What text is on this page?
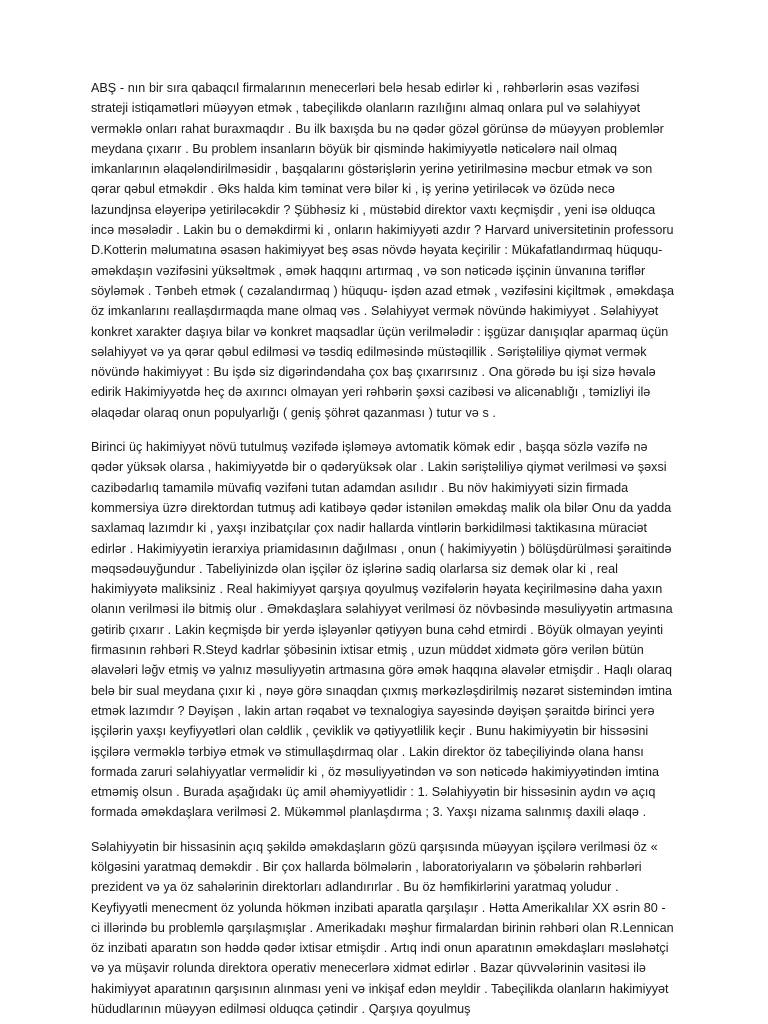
ABŞ - nın bir sıra qabaqcıl firmalarının menecerləri belə hesab edirlər ki , rəhbərlərin əsas vəzifəsi strateji istiqamətləri müəyyən etmək , tabeçilikdə olanların razılığını almaq onlara pul və səlahiyyət verməklə onları rahat buraxmaqdır . Bu ilk baxışda bu nə qədər gözəl görünsə də müəyyən problemlər meydana çıxarır . Bu problem insanların böyük bir qismində hakimiyyətlə nəticələrə nail olmaq imkanlarının əlaqələndirilməsidir , başqalarını göstərişlərin yerinə yetirilməsinə məcbur etmək və son qərar qəbul etməkdir . Əks halda kim təminat verə bilər ki , iş yerinə yetiriləcək və özüdə necə lazundjnsa eləyeripə yetiriləcəkdir ? Şübhəsiz ki , müstəbid direktor vaxtı keçmişdir , yeni isə olduqca incə məsələdir . Lakin bu o deməkdirmi ki , onların hakimiyyəti azdır ? Harvard universitetinin professoru D.Kotterin məlumatına əsasən hakimiyyət beş əsas növdə həyata keçirilir : Mükafatlandırmaq hüququ- əməkdaşın vəzifəsini yüksəltmək , əmək haqqını artırmaq , və son nəticədə işçinin ünvanına təriflər söyləmək . Tənbeh etmək ( cəzalandırmaq ) hüququ- işdən azad etmək , vəzifəsini kiçiltmək , əməkdaşa öz imkanlarını reallaşdırmaqda mane olmaq vəs . Səlahiyyət vermək növündə hakimiyyət . Səlahiyyət konkret xarakter daşıya bilar və konkret maqsadlar üçün verilmələdir : işgüzar danışıqlar aparmaq üçün səlahiyyət və ya qərar qəbul edilməsi və təsdiq edilməsində müstəqillik . Səriştəliliyə qiymət vermək növündə hakimiyyət : Bu işdə siz digərindəndaha çox baş çıxarırsınız . Ona görədə bu işi sizə həvalə edirik Hakimiyyətdə heç də axırıncı olmayan yeri rəhbərin şəxsi cazibəsi və alicənablığı , təmizliyi ilə əlaqədar olaraq onun populyarlığı ( geniş şöhrət qazanması ) tutur və s .

Birinci üç hakimiyyət növü tutulmuş vəzifədə işləməyə avtomatik kömək edir , başqa sözlə vəzifə nə qədər yüksək olarsa , hakimiyyətdə bir o qədəryüksək olar . Lakin səriştəliliyə qiymət verilməsi və şəxsi cazibədarlıq tamamilə müvafiq vəzifəni tutan adamdan asılıdır . Bu növ hakimiyyəti sizin firmada kommersiya üzrə direktordan tutmuş adi katibəyə qədər istənilən əməkdaş malik ola bilər Onu da yadda saxlamaq lazımdır ki , yaxşı inzibatçılar çox nadir hallarda vintlərin bərkidilməsi taktikasına müraciət edirlər . Hakimiyyətin ierarxiya priamidasının dağılması , onun ( hakimiyyətin ) bölüşdürülməsi şəraitində məqsədəuyğundur . Tabeliyinizdə olan işçilər öz işlərinə sadiq olarlarsa siz demək olar ki , real hakimiyyətə maliksiniz . Real hakimiyyət qarşıya qoyulmuş vəzifələrin həyata keçirilməsinə daha yaxın olanın verilməsi ilə bitmiş olur . Əməkdaşlara səlahiyyət verilməsi öz növbəsində məsuliyyətin artmasına gətirib çıxarır . Lakin keçmişdə bir yerdə işləyənlər qətiyyən buna cəhd etmirdi . Böyük olmayan yeyinti firmasının rəhbəri R.Steyd kadrlar şöbəsinin ixtisar etmiş , uzun müddət xidmətə görə verilən bütün əlavələri ləğv etmiş və yalnız məsuliyyətin artmasına görə əmək haqqına əlavələr etmişdir . Haqlı olaraq belə bir sual meydana çıxır ki , nəyə görə sınaqdan çıxmış mərkəzləşdirilmiş nəzarət sistemindən imtina etmək lazımdır ? Dəyişən , lakin artan rəqabət və texnalogiya sayəsində dəyişən şəraitdə birinci yerə işçilərin yaxşı keyfiyyətləri olan cəldlik , çeviklik və qətiyyətlilik keçir . Bunu hakimiyyətin bir hissəsini işçilərə verməklə tərbiyə etmək və stimullaşdırmaq olar . Lakin direktor öz tabeçiliyində olana hansı formada zaruri səlahiyyatlar verməlidir ki , öz məsuliyyətindən və son nəticədə hakimiyyətindən imtina etməmiş olsun . Burada aşağıdakı üç amil əhəmiyyətlidir : 1. Səlahiyyətin bir hissəsinin aydın və açıq formada əməkdaşlara verilməsi 2. Mükəmməl planlaşdırma ; 3. Yaxşı nizama salınmış daxili əlaqə .

Səlahiyyətin bir hissasinin açıq şəkildə əməkdaşların gözü qarşısında müəyyan işçilərə verilməsi öz « kölgəsini yaratmaq deməkdir . Bir çox hallarda bölmələrin , laboratoriyaların və şöbələrin rəhbərləri prezident və ya öz sahələrinin direktorları adlandırırlar . Bu öz həmfikirlərini yaratmaq yoludur . Keyfiyyətli menecment öz yolunda hökmən inzibati aparatla qarşılaşır . Hətta Amerikalılar XX əsrin 80 - ci illərində bu problemlə qarşılaşmışlar . Amerikadakı məşhur firmalardan birinin rəhbəri olan R.Lennican öz inzibati aparatın son həddə qədər ixtisar etmişdir . Artıq indi onun aparatının əməkdaşları məsləhətçi və ya müşavir rolunda direktora operativ menecerlərə xidmət edirlər . Bazar qüvvələrinin vasitəsi ilə hakimiyyət aparatının qarşısının alınması yeni və inkişaf edən meyldir . Tabeçilikda olanların hakimiyyət hüdudlarının müəyyən edilməsi olduqca çətindir . Qarşıya qoyulmuş
